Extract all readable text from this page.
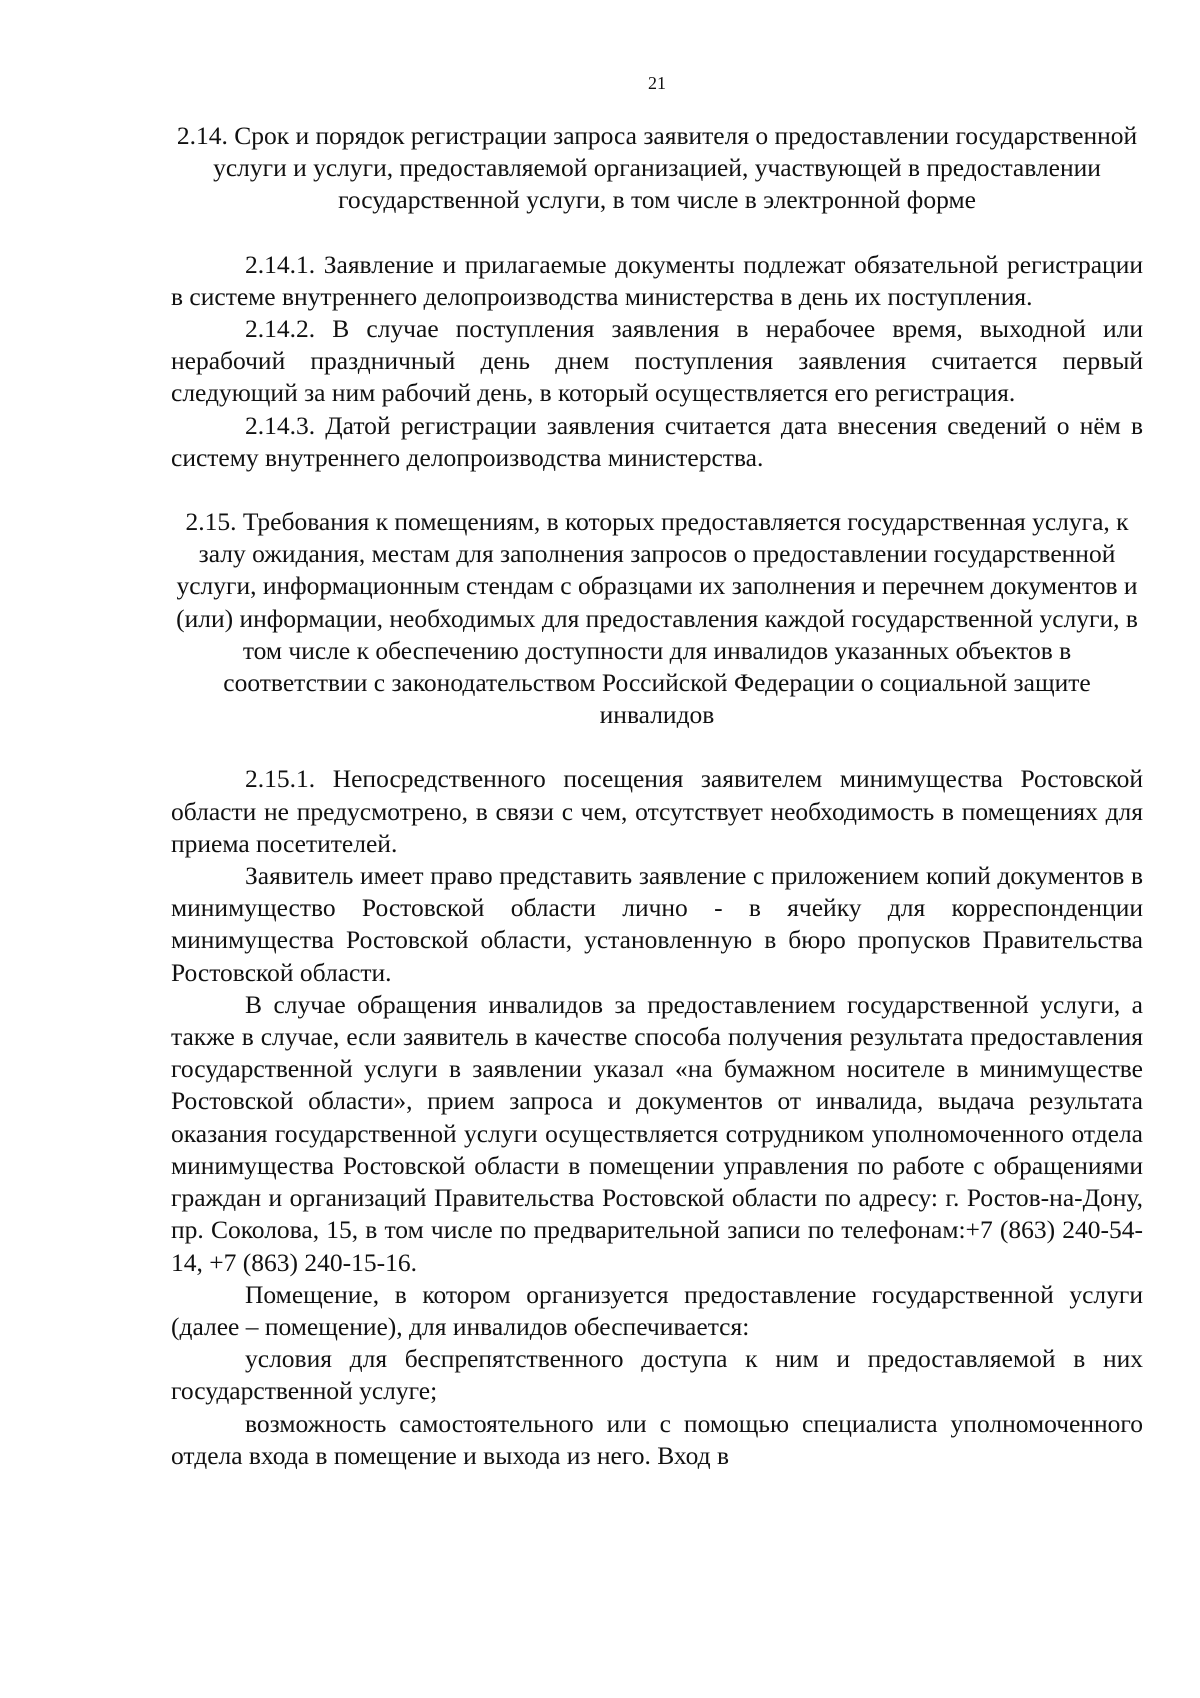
21

2.14. Срок и порядок регистрации запроса заявителя о предоставлении государственной услуги и услуги, предоставляемой организацией, участвующей в предоставлении государственной услуги, в том числе в электронной форме

2.14.1. Заявление и прилагаемые документы подлежат обязательной регистрации в системе внутреннего делопроизводства министерства в день их поступления.

2.14.2. В случае поступления заявления в нерабочее время, выходной или нерабочий праздничный день днем поступления заявления считается первый следующий за ним рабочий день, в который осуществляется его регистрация.

2.14.3. Датой регистрации заявления считается дата внесения сведений о нём в систему внутреннего делопроизводства министерства.

2.15. Требования к помещениям, в которых предоставляется государственная услуга, к залу ожидания, местам для заполнения запросов о предоставлении государственной услуги, информационным стендам с образцами их заполнения и перечнем документов и (или) информации, необходимых для предоставления каждой государственной услуги, в том числе к обеспечению доступности для инвалидов указанных объектов в соответствии с законодательством Российской Федерации о социальной защите инвалидов

2.15.1. Непосредственного посещения заявителем минимущества Ростовской области не предусмотрено, в связи с чем, отсутствует необходимость в помещениях для приема посетителей.

Заявитель имеет право представить заявление с приложением копий документов в минимущество Ростовской области лично - в ячейку для корреспонденции минимущества Ростовской области, установленную в бюро пропусков Правительства Ростовской области.

В случае обращения инвалидов за предоставлением государственной услуги, а также в случае, если заявитель в качестве способа получения результата предоставления государственной услуги в заявлении указал «на бумажном носителе в минимуществе Ростовской области», прием запроса и документов от инвалида, выдача результата оказания государственной услуги осуществляется сотрудником уполномоченного отдела минимущества Ростовской области в помещении управления по работе с обращениями граждан и организаций Правительства Ростовской области по адресу: г. Ростов-на-Дону, пр. Соколова, 15, в том числе по предварительной записи по телефонам:+7 (863) 240-54-14, +7 (863) 240-15-16.

Помещение, в котором организуется предоставление государственной услуги (далее – помещение), для инвалидов обеспечивается:

условия для беспрепятственного доступа к ним и предоставляемой в них государственной услуге;

возможность самостоятельного или с помощью специалиста уполномоченного отдела входа в помещение и выхода из него. Вход в
